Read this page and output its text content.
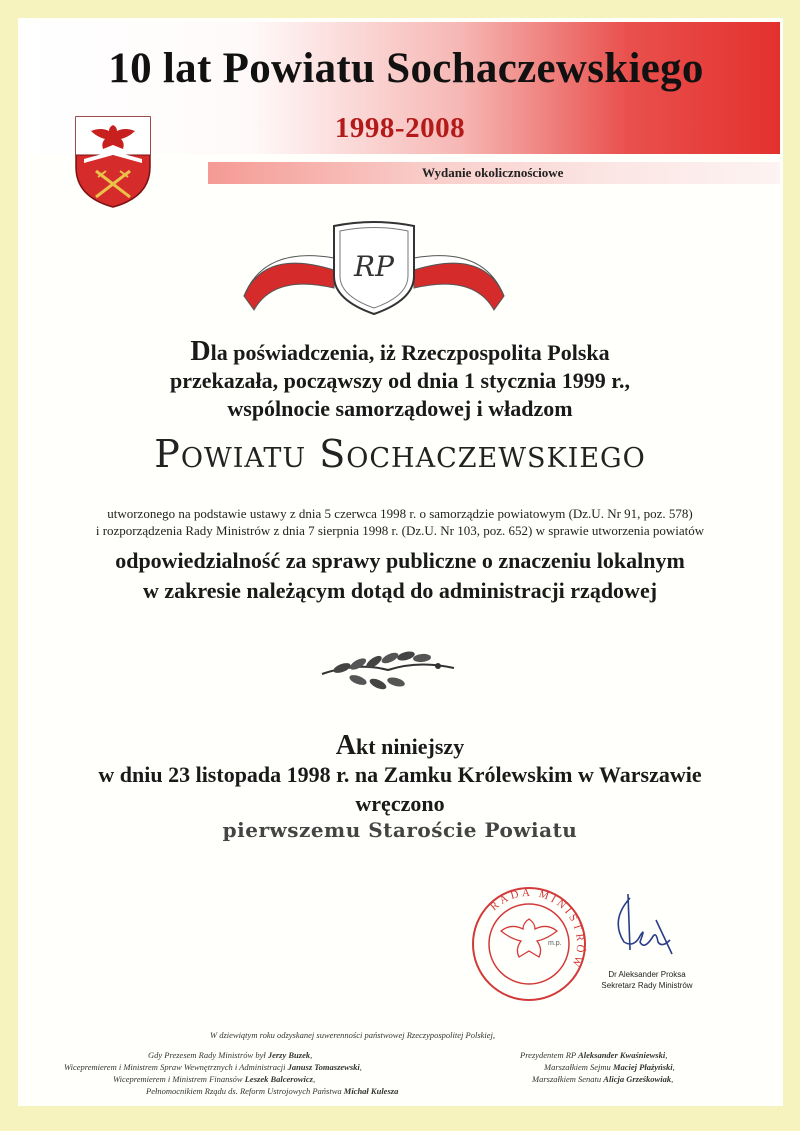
10 lat Powiatu Sochaczewskiego
1998-2008
Wydanie okolicznościowe
RP
Dla poświadczenia, iż Rzeczpospolita Polska
przekazała, począwszy od dnia 1 stycznia 1999 r.,
wspólnocie samorządowej i władzom
Powiatu Sochaczewskiego
utworzonego na podstawie ustawy z dnia 5 czerwca 1998 r. o samorządzie powiatowym (Dz.U. Nr 91, poz. 578)
i rozporządzenia Rady Ministrów z dnia 7 sierpnia 1998 r. (Dz.U. Nr 103, poz. 652) w sprawie utworzenia powiatów
odpowiedzialność za sprawy publiczne o znaczeniu lokalnym
w zakresie należącym dotąd do administracji rządowej
Akt niniejszy
w dniu 23 listopada 1998 r. na Zamku Królewskim w Warszawie
wręczono
pierwszemu Staroście Powiatu
RADA MINISTRÓW
m.p.
Dr Aleksander Proksa
Sekretarz Rady Ministrów
W dziewiątym roku odzyskanej suwerenności państwowej Rzeczypospolitej Polskiej,
Gdy Prezesem Rady Ministrów był Jerzy Buzek,
Wicepremierem i Ministrem Spraw Wewnętrznych i Administracji Janusz Tomaszewski,
Wicepremierem i Ministrem Finansów Leszek Balcerowicz,
Pełnomocnikiem Rządu ds. Reform Ustrojowych Państwa Michał Kulesza
Prezydentem RP Aleksander Kwaśniewski,
Marszałkiem Sejmu Maciej Płażyński,
Marszałkiem Senatu Alicja Grześkowiak,
